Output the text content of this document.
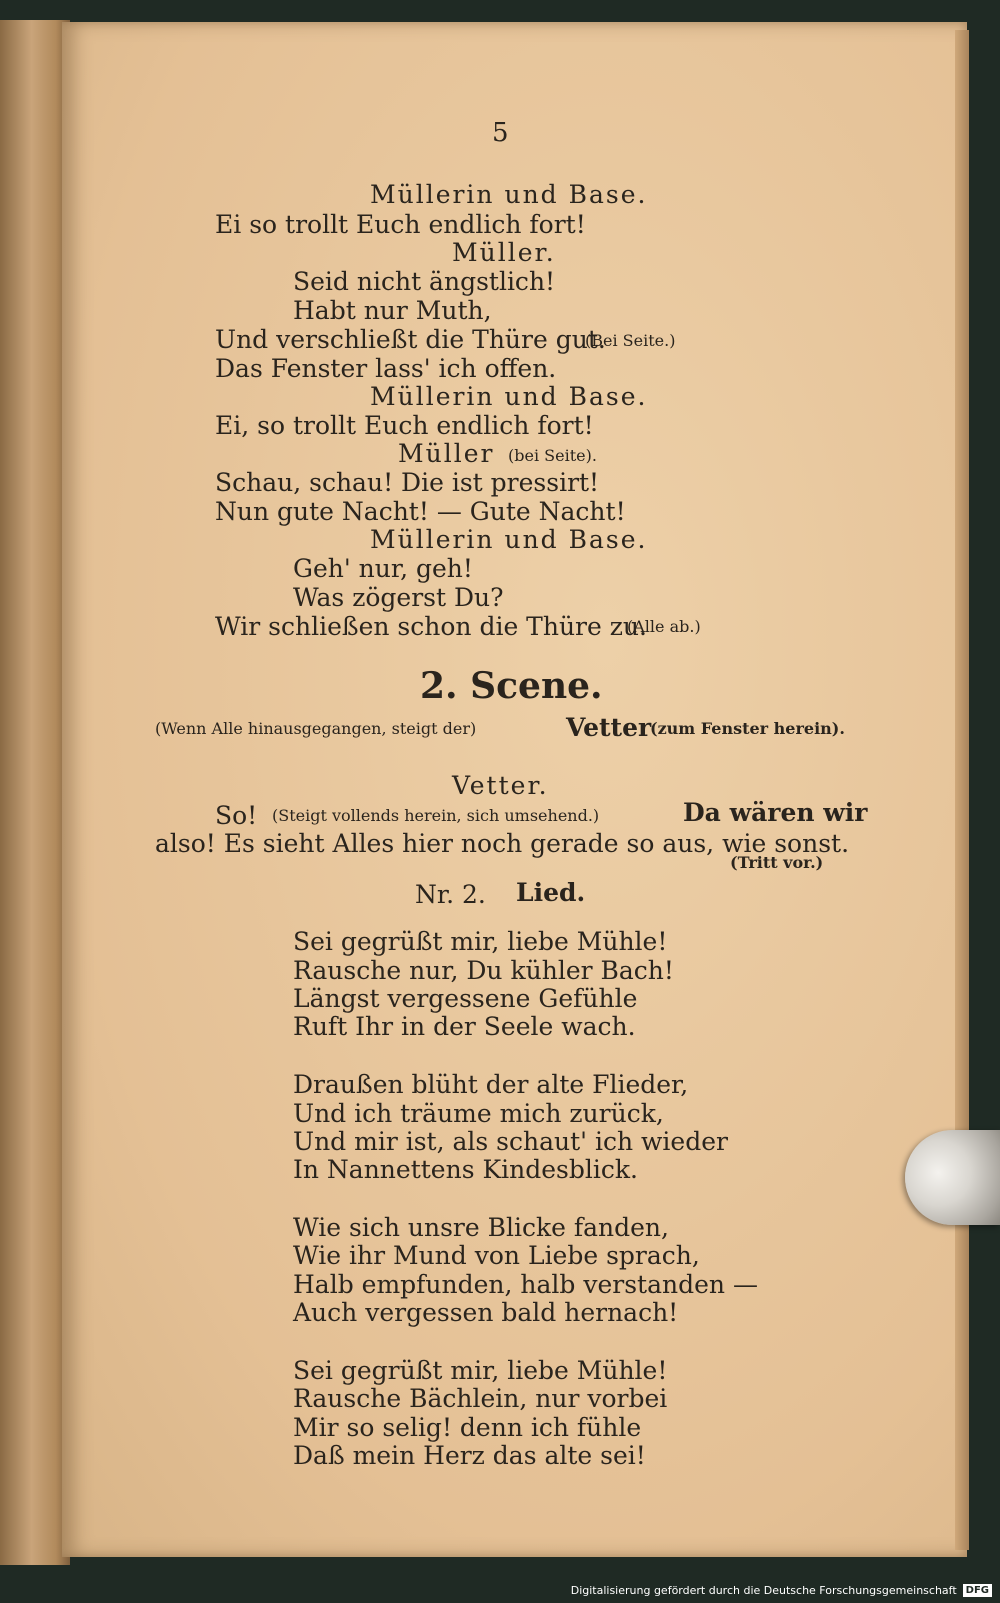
5
Müllerin und Base.
Ei so trollt Euch endlich fort!
Müller.
Seid nicht ängstlich!
Habt nur Muth,
Und verschließt die Thüre gut.
(Bei Seite.)
Das Fenster lass' ich offen.
Müllerin und Base.
Ei, so trollt Euch endlich fort!
Müller (bei Seite).
Schau, schau! Die ist pressirt!
Nun gute Nacht! — Gute Nacht!
Müllerin und Base.
Geh' nur, geh!
Was zögerst Du?
Wir schließen schon die Thüre zu.
(Alle ab.)
2. Scene.
(Wenn Alle hinausgegangen, steigt der)	Vetter
(zum Fenster herein).
Vetter.
So! (Steigt vollends herein, sich umsehend.)	Da wären wir
also! Es sieht Alles hier noch gerade so aus, wie sonst.
(Tritt vor.)
Nr. 2. Lied.
Sei gegrüßt mir, liebe Mühle!
Rausche nur, Du kühler Bach!
Längst vergessene Gefühle
Ruft Ihr in der Seele wach.
Draußen blüht der alte Flieder,
Und ich träume mich zurück,
Und mir ist, als schaut' ich wieder
In Nannettens Kindesblick.
Wie sich unsre Blicke fanden,
Wie ihr Mund von Liebe sprach,
Halb empfunden, halb verstanden —
Auch vergessen bald hernach!
Sei gegrüßt mir, liebe Mühle!
Rausche Bächlein, nur vorbei
Mir so selig! denn ich fühle
Daß mein Herz das alte sei!
Digitalisierung gefördert durch die Deutsche Forschungsgemeinschaft DFG
